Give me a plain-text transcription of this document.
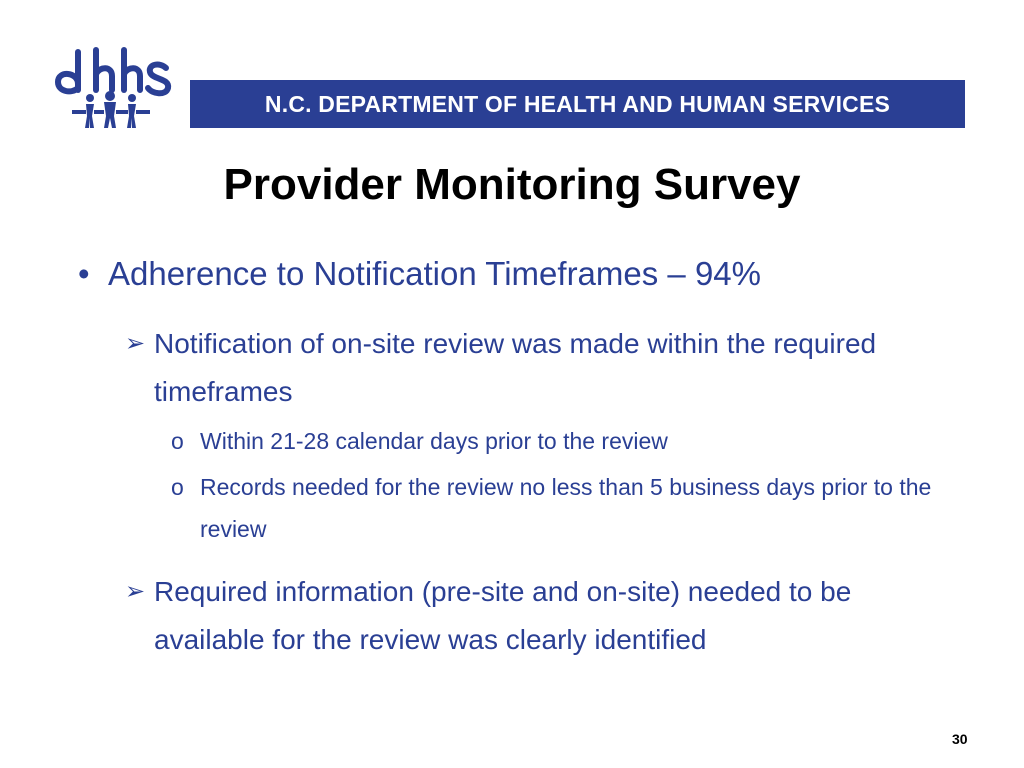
N.C. DEPARTMENT OF HEALTH AND HUMAN SERVICES
Provider Monitoring Survey
• Adherence to Notification Timeframes – 94%
➢ Notification of on-site review was made within the required timeframes
o Within 21-28 calendar days prior to the review
o Records needed for the review no less than 5 business days prior to the review
➢ Required information (pre-site and on-site) needed to be available for the review was clearly identified
30
